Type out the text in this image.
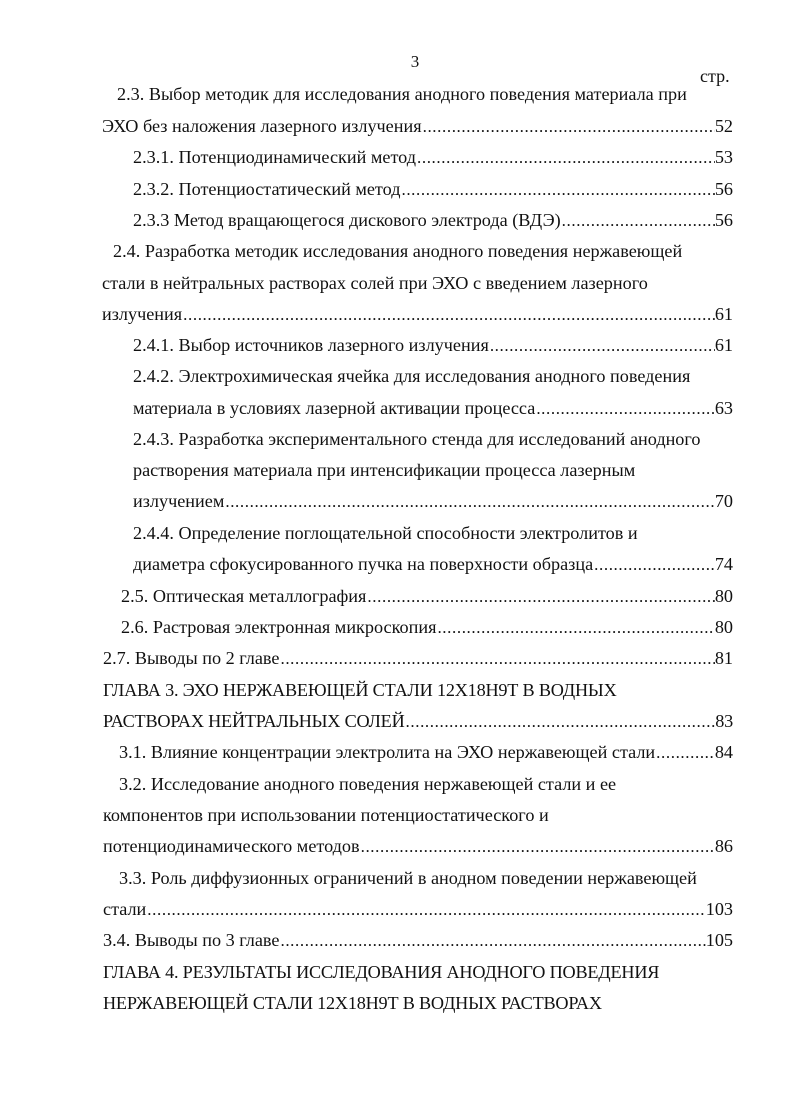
3
стр.
2.3. Выбор методик для исследования анодного поведения материала при
ЭХО без наложения лазерного излучения .....	52
2.3.1. Потенциодинамический метод .....	53
2.3.2. Потенциостатический метод .....	56
2.3.3 Метод вращающегося дискового электрода (ВДЭ) .....	56
2.4. Разработка методик исследования анодного поведения нержавеющей
стали в нейтральных растворах солей при ЭХО с введением лазерного
излучения .....	61
2.4.1. Выбор источников лазерного излучения .....	61
2.4.2. Электрохимическая ячейка для исследования анодного поведения
материала в условиях лазерной активации процесса .....	63
2.4.3. Разработка экспериментального стенда для исследований анодного
растворения материала при интенсификации процесса лазерным
излучением .....	70
2.4.4. Определение поглощательной способности электролитов и
диаметра сфокусированного пучка на поверхности образца .....	74
2.5. Оптическая металлография .....	80
2.6. Растровая электронная микроскопия .....	80
2.7. Выводы по 2 главе .....	81
ГЛАВА 3. ЭХО НЕРЖАВЕЮЩЕЙ СТАЛИ 12Х18Н9Т В ВОДНЫХ
РАСТВОРАХ НЕЙТРАЛЬНЫХ СОЛЕЙ .....	83
3.1. Влияние концентрации электролита на ЭХО нержавеющей стали .....	84
3.2. Исследование анодного поведения нержавеющей стали и ее
компонентов при использовании потенциостатического и
потенциодинамического методов .....	86
3.3. Роль диффузионных ограничений в анодном поведении нержавеющей
стали .....	103
3.4. Выводы по 3 главе .....	105
ГЛАВА 4. РЕЗУЛЬТАТЫ ИССЛЕДОВАНИЯ АНОДНОГО ПОВЕДЕНИЯ
НЕРЖАВЕЮЩЕЙ СТАЛИ 12Х18Н9Т В ВОДНЫХ РАСТВОРАХ
